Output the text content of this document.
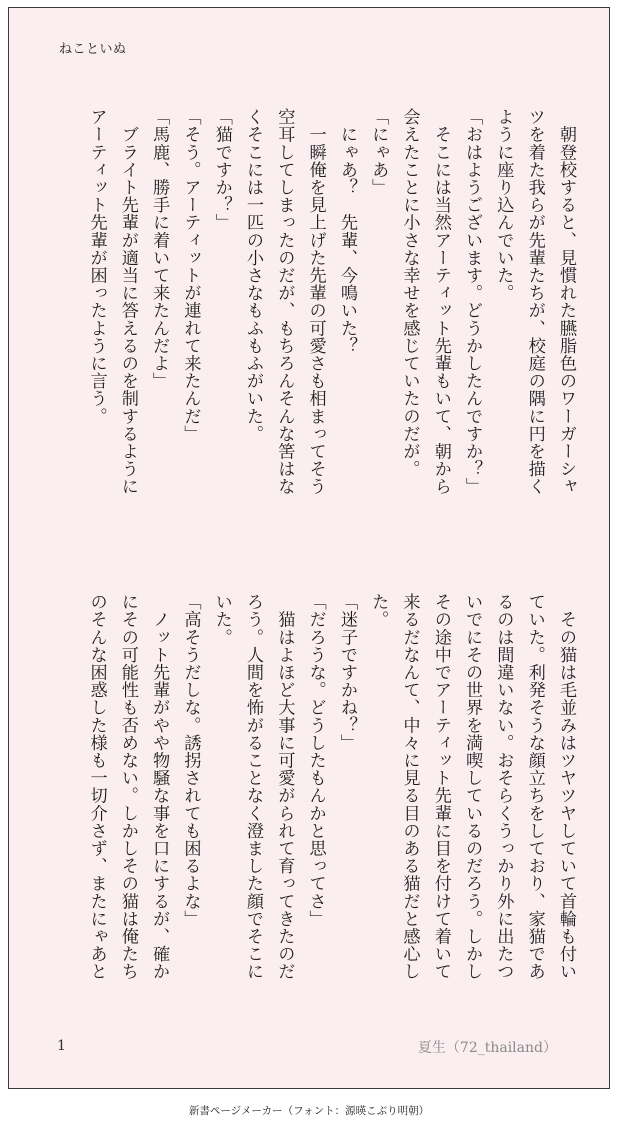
ねこといぬ

　朝登校すると、見慣れた臙脂色のワーガーシャツを着た我らが先輩たちが、校庭の隅に円を描くように座り込んでいた。

「おはようございます。どうかしたんですか？」

　そこには当然アーティット先輩もいて、朝から会えたことに小さな幸せを感じていたのだが。

「にゃあ」

　にゃあ？　先輩、今鳴いた？

　一瞬俺を見上げた先輩の可愛さも相まってそう空耳してしまったのだが、もちろんそんな筈はなくそこには一匹の小さなもふもふがいた。

「猫ですか？」

「そう。アーティットが連れて来たんだ」

「馬鹿、勝手に着いて来たんだよ」

　ブライト先輩が適当に答えるのを制するようにアーティット先輩が困ったように言う。

　その猫は毛並みはツヤツヤしていて首輪も付いていた。利発そうな顔立ちをしており、家猫であるのは間違いない。おそらくうっかり外に出たついでにその世界を満喫しているのだろう。しかしその途中でアーティット先輩に目を付けて着いて来るだなんて、中々に見る目のある猫だと感心した。

「迷子ですかね？」

「だろうな。どうしたもんかと思ってさ」

　猫はよほど大事に可愛がられて育ってきたのだろう。人間を怖がることなく澄ました顔でそこにいた。

「高そうだしな。誘拐されても困るよな」

　ノット先輩がやや物騒な事を口にするが、確かにその可能性も否めない。しかしその猫は俺たちのそんな困惑した様も一切介さず、またにゃあと

1	夏生（72_thailand）
新書ページメーカー（フォント：源暎こぶり明朝）
